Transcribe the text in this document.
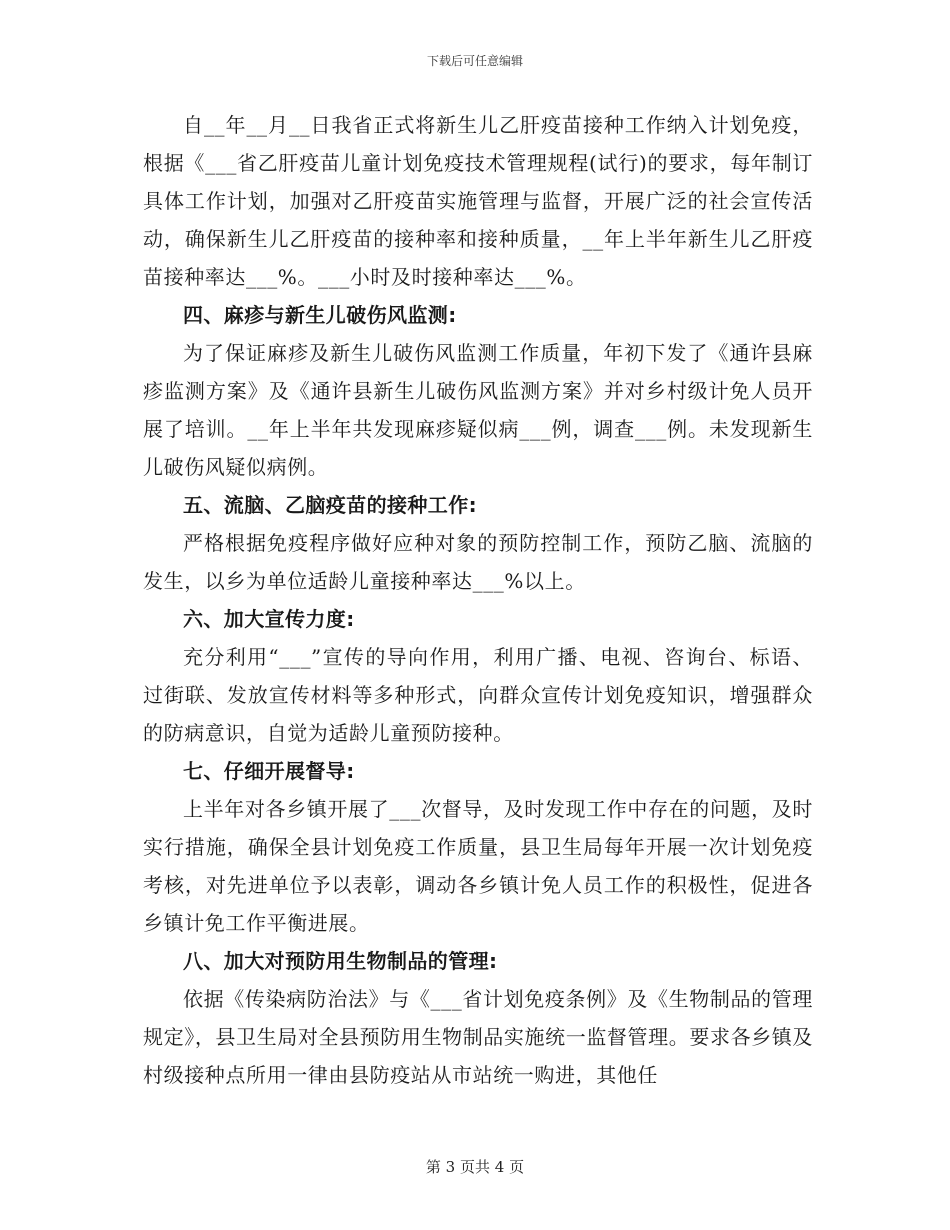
下载后可任意编辑

自__年__月__日我省正式将新生儿乙肝疫苗接种工作纳入计划免疫，根据《___省乙肝疫苗儿童计划免疫技术管理规程(试行)的要求，每年制订具体工作计划，加强对乙肝疫苗实施管理与监督，开展广泛的社会宣传活动，确保新生儿乙肝疫苗的接种率和接种质量，__年上半年新生儿乙肝疫苗接种率达___%。___小时及时接种率达___%。

四、麻疹与新生儿破伤风监测:

为了保证麻疹及新生儿破伤风监测工作质量，年初下发了《通许县麻疹监测方案》及《通许县新生儿破伤风监测方案》并对乡村级计免人员开展了培训。__年上半年共发现麻疹疑似病___例，调查___例。未发现新生儿破伤风疑似病例。

五、流脑、乙脑疫苗的接种工作:

严格根据免疫程序做好应种对象的预防控制工作，预防乙脑、流脑的发生，以乡为单位适龄儿童接种率达___%以上。

六、加大宣传力度:

充分利用“___”宣传的导向作用，利用广播、电视、咨询台、标语、过街联、发放宣传材料等多种形式，向群众宣传计划免疫知识，增强群众的防病意识，自觉为适龄儿童预防接种。

七、仔细开展督导:

上半年对各乡镇开展了___次督导，及时发现工作中存在的问题，及时实行措施，确保全县计划免疫工作质量，县卫生局每年开展一次计划免疫考核，对先进单位予以表彰，调动各乡镇计免人员工作的积极性，促进各乡镇计免工作平衡进展。

八、加大对预防用生物制品的管理:

依据《传染病防治法》与《___省计划免疫条例》及《生物制品的管理规定》，县卫生局对全县预防用生物制品实施统一监督管理。要求各乡镇及村级接种点所用一律由县防疫站从市站统一购进，其他任

第 3 页共 4 页
